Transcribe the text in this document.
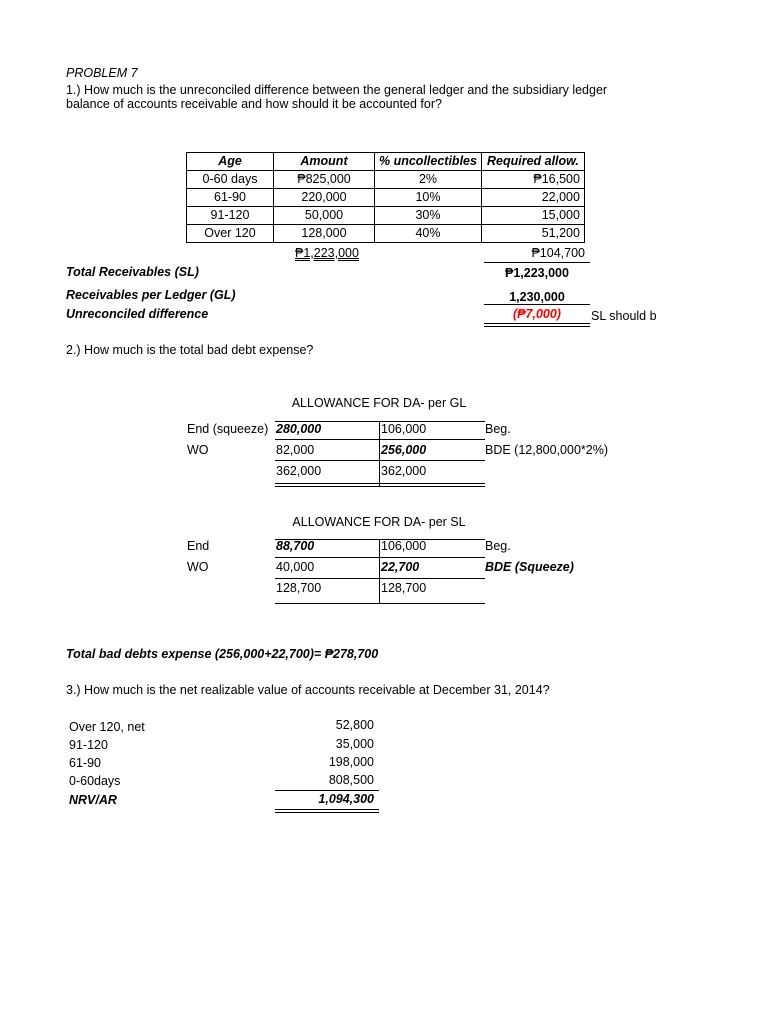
PROBLEM 7
1.) How much is the unreconciled difference between the general ledger and the subsidiary ledger
balance of accounts receivable and how should it be accounted for?
Age	Amount	% uncollectibles	Required allow.
0-60 days	₱825,000	2%	₱16,500
61-90	220,000	10%	22,000
91-120	50,000	30%	15,000
Over 120	128,000	40%	51,200
₱1,223,000	₱104,700
Total Receivables (SL)	₱1,223,000
Receivables per Ledger (GL)	1,230,000
Unreconciled difference	(₱7,000)	SL should b
2.) How much is the total bad debt expense?
ALLOWANCE FOR DA- per GL
End (squeeze) 280,000	106,000	Beg.
WO	82,000	256,000	BDE (12,800,000*2%)
362,000	362,000
ALLOWANCE FOR DA- per SL
End	88,700	106,000	Beg.
WO	40,000	22,700	BDE (Squeeze)
128,700	128,700
Total bad debts expense (256,000+22,700)= ₱278,700
3.) How much is the net realizable value of accounts receivable at December 31, 2014?
Over 120, net	52,800
91-120	35,000
61-90	198,000
0-60days	808,500
NRV/AR	1,094,300
